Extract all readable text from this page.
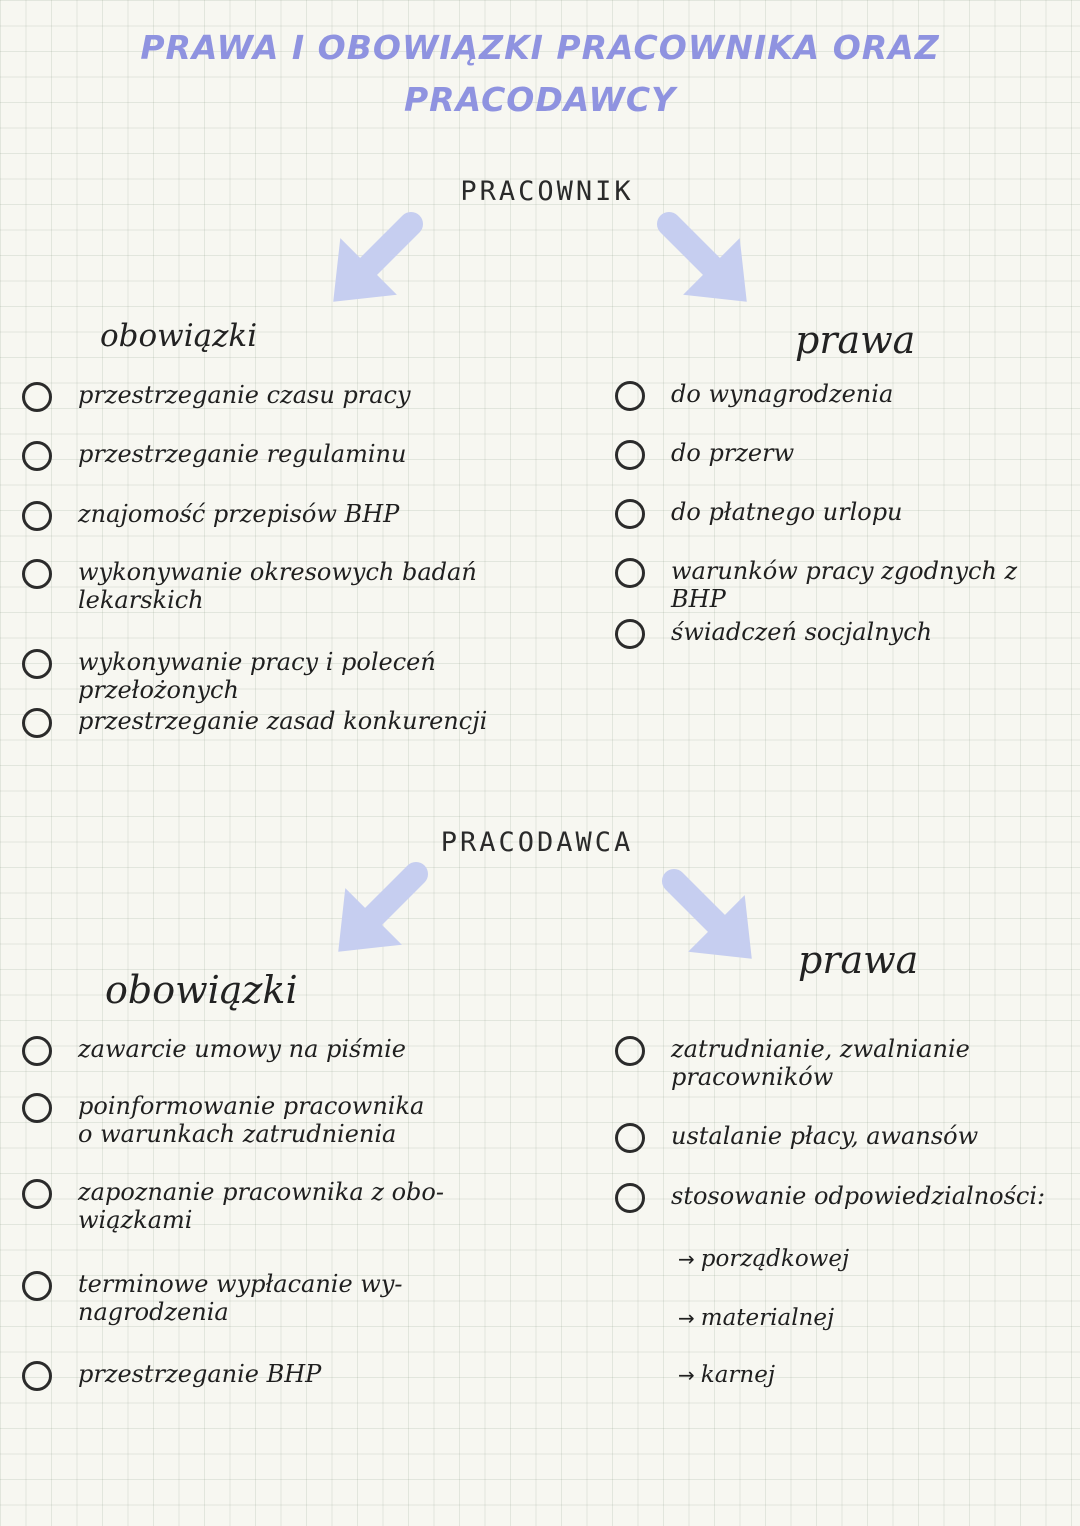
PRAWA I OBOWIĄZKI PRACOWNIKA ORAZ
PRACODAWCY
PRACOWNIK
obowiązki	prawa
przestrzeganie czasu pracy
przestrzeganie regulaminu
znajomość przepisów BHP
wykonywanie okresowych badań
lekarskich
wykonywanie pracy i poleceń przełożonych
przestrzeganie zasad konkurencji
do wynagrodzenia
do przerw
do płatnego urlopu
warunków pracy zgodnych z BHP
świadczeń socjalnych
PRACODAWCA
obowiązki
prawa
zawarcie umowy na piśmie
poinformowanie pracownika
o warunkach zatrudnienia
zapoznanie pracownika z obo-
wiązkami
terminowe wypłacanie wy-
nagrodzenia
przestrzeganie BHP
zatrudnianie, zwalnianie
pracowników
ustalanie płacy, awansów
stosowanie odpowiedzialności:
→ porządkowej
→ materialnej
→ karnej
